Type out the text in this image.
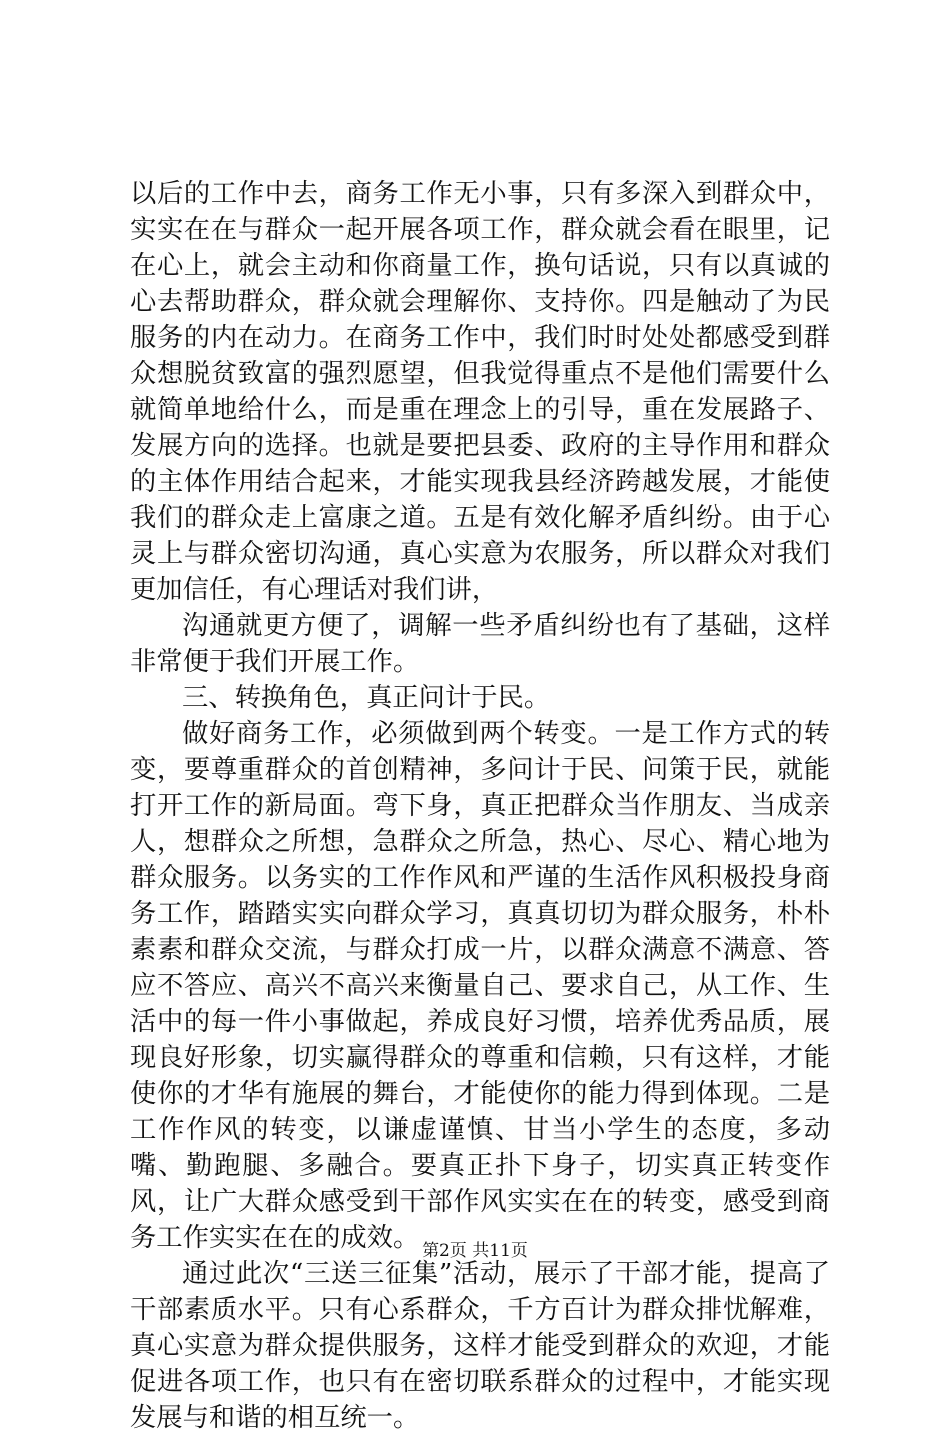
以后的工作中去，商务工作无小事，只有多深入到群众中，实实在在与群众一起开展各项工作，群众就会看在眼里，记在心上，就会主动和你商量工作，换句话说，只有以真诚的心去帮助群众，群众就会理解你、支持你。四是触动了为民服务的内在动力。在商务工作中，我们时时处处都感受到群众想脱贫致富的强烈愿望，但我觉得重点不是他们需要什么就简单地给什么，而是重在理念上的引导，重在发展路子、发展方向的选择。也就是要把县委、政府的主导作用和群众的主体作用结合起来，才能实现我县经济跨越发展，才能使我们的群众走上富康之道。五是有效化解矛盾纠纷。由于心灵上与群众密切沟通，真心实意为农服务，所以群众对我们更加信任，有心理话对我们讲，

沟通就更方便了，调解一些矛盾纠纷也有了基础，这样非常便于我们开展工作。

三、转换角色，真正问计于民。

做好商务工作，必须做到两个转变。一是工作方式的转变，要尊重群众的首创精神，多问计于民、问策于民，就能打开工作的新局面。弯下身，真正把群众当作朋友、当成亲人，想群众之所想，急群众之所急，热心、尽心、精心地为群众服务。以务实的工作作风和严谨的生活作风积极投身商务工作，踏踏实实向群众学习，真真切切为群众服务，朴朴素素和群众交流，与群众打成一片，以群众满意不满意、答应不答应、高兴不高兴来衡量自己、要求自己，从工作、生活中的每一件小事做起，养成良好习惯，培养优秀品质，展现良好形象，切实赢得群众的尊重和信赖，只有这样，才能使你的才华有施展的舞台，才能使你的能力得到体现。二是工作作风的转变，以谦虚谨慎、甘当小学生的态度，多动嘴、勤跑腿、多融合。要真正扑下身子，切实真正转变作风，让广大群众感受到干部作风实实在在的转变，感受到商务工作实实在在的成效。

通过此次“三送三征集”活动，展示了干部才能，提高了干部素质水平。只有心系群众，千方百计为群众排忧解难，真心实意为群众提供服务，这样才能受到群众的欢迎，才能促进各项工作，也只有在密切联系群众的过程中，才能实现发展与和谐的相互统一。

第2页 共11页
